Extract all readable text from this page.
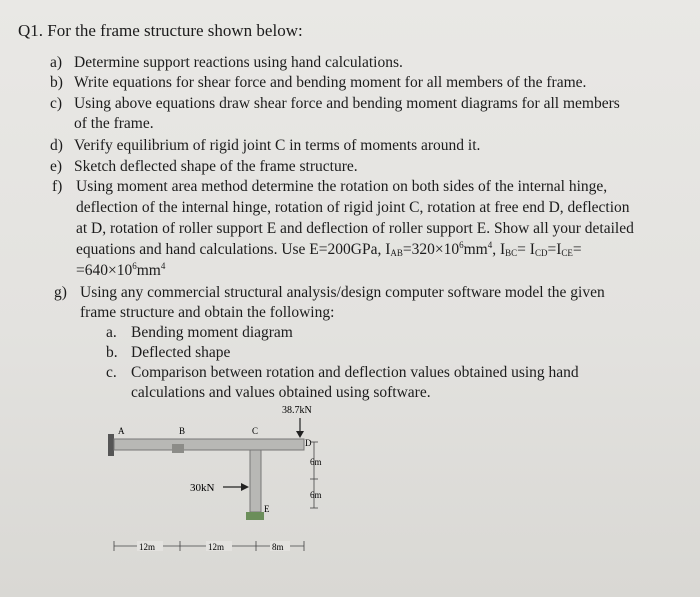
Q1. For the frame structure shown below:
a) Determine support reactions using hand calculations.
b) Write equations for shear force and bending moment for all members of the frame.
c) Using above equations draw shear force and bending moment diagrams for all members
of the frame.
d) Verify equilibrium of rigid joint C in terms of moments around it.
e) Sketch deflected shape of the frame structure.
f) Using moment area method determine the rotation on both sides of the internal hinge,
deflection of the internal hinge, rotation of rigid joint C, rotation at free end D, deflection
at D, rotation of roller support E and deflection of roller support E. Show all your detailed
equations and hand calculations. Use E=200GPa, $I_{AB}=320\times 10^6mm^4$, $I_{BC}= I_{CD}=I_{CE}=$
$=640\times 10^6mm^4$
g) Using any commercial structural analysis/design computer software model the given
frame structure and obtain the following:
a. Bending moment diagram
b. Deflected shape
c. Comparison between rotation and deflection values obtained using hand
calculations and values obtained using software.
38.7kN
A	B	C
D
E
30kN
6m
6m
12m	12m	8m
